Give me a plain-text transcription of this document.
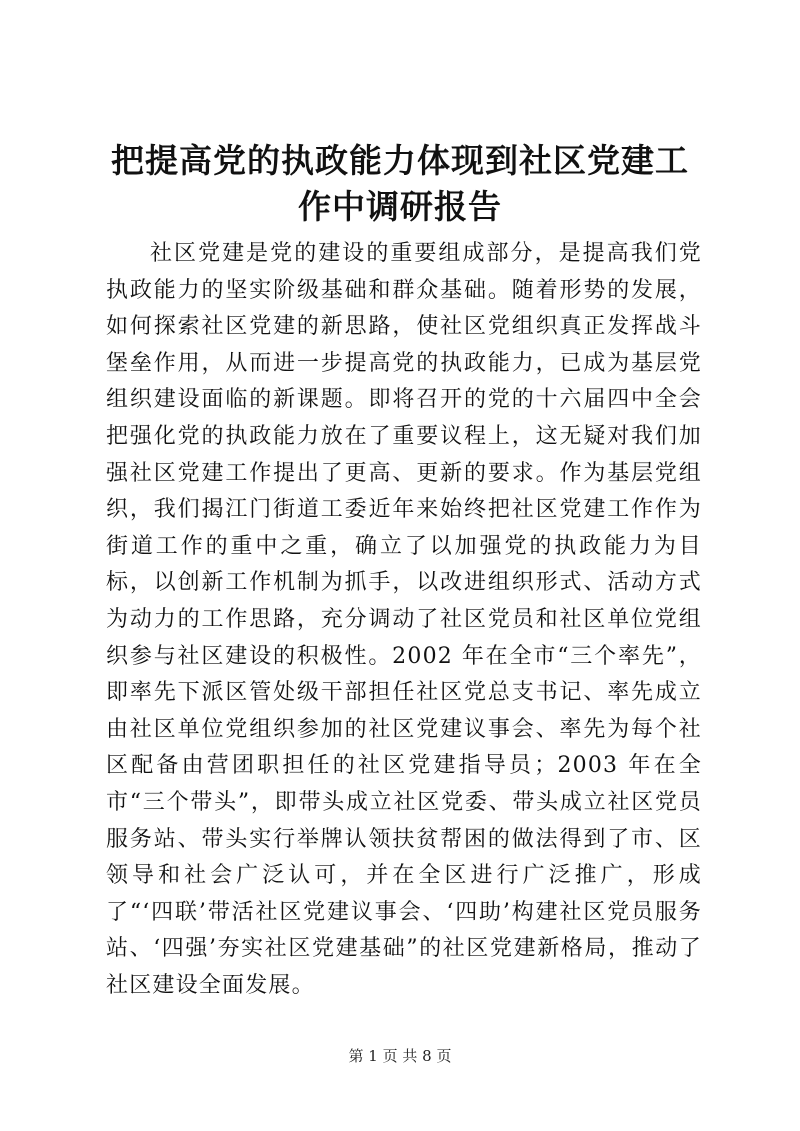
把提高党的执政能力体现到社区党建工作中调研报告

社区党建是党的建设的重要组成部分，是提高我们党执政能力的坚实阶级基础和群众基础。随着形势的发展，如何探索社区党建的新思路，使社区党组织真正发挥战斗堡垒作用，从而进一步提高党的执政能力，已成为基层党组织建设面临的新课题。即将召开的党的十六届四中全会把强化党的执政能力放在了重要议程上，这无疑对我们加强社区党建工作提出了更高、更新的要求。作为基层党组织，我们揭江门街道工委近年来始终把社区党建工作作为街道工作的重中之重，确立了以加强党的执政能力为目标，以创新工作机制为抓手，以改进组织形式、活动方式为动力的工作思路，充分调动了社区党员和社区单位党组织参与社区建设的积极性。2002 年在全市“三个率先”，即率先下派区管处级干部担任社区党总支书记、率先成立由社区单位党组织参加的社区党建议事会、率先为每个社区配备由营团职担任的社区党建指导员；2003 年在全市“三个带头”，即带头成立社区党委、带头成立社区党员服务站、带头实行举牌认领扶贫帮困的做法得到了市、区领导和社会广泛认可，并在全区进行广泛推广，形成了“‘四联’带活社区党建议事会、‘四助’构建社区党员服务站、‘四强’夯实社区党建基础”的社区党建新格局，推动了社区建设全面发展。

第 1 页 共 8 页
